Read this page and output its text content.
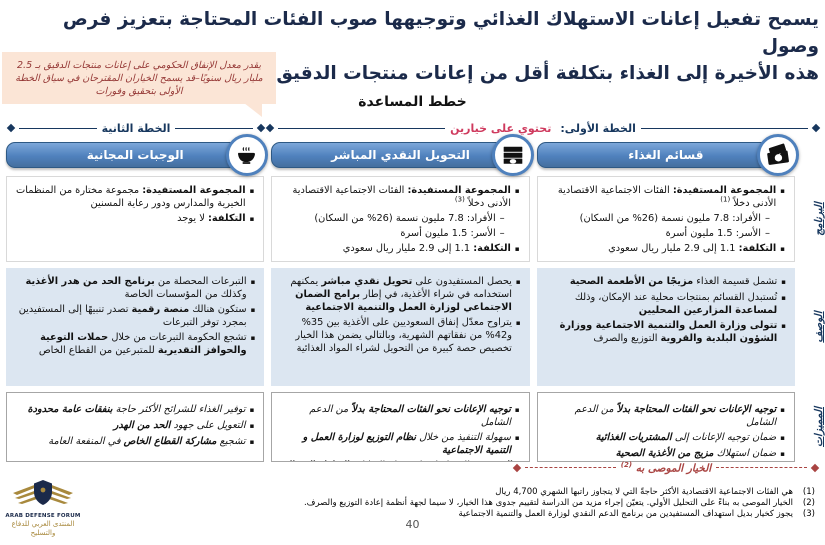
يسمح تفعيل إعانات الاستهلاك الغذائي وتوجيهها صوب الفئات المحتاجة بتعزيز فرص وصول
هذه الأخيرة إلى الغذاء بتكلفة أقل من إعانات منتجات الدقيق
يقدر معدل الإنفاق الحكومي على إعانات منتجات الدقيق بـ 2.5 مليار ريال سنويًا–قد يسمح الخياران المقترحان في سياق الخطة الأولى بتحقيق وفورات
خطط المساعدة
الخطة الأولى:
تحتوي على خيارين
الخطة الثانية
قسائم الغذاء
▪
المجموعة المستفيدة: الفئات الاجتماعية الاقتصادية الأدنى دخلاً $^{(1)}$
–
الأفراد: 7.8 مليون نسمة (26% من السكان)
–
الأسر: 1.5 مليون أسرة
▪
التكلفة: 1.1 إلى 2.9 مليار ريال سعودي
▪
تشمل قسيمة الغذاء مزيجًا من الأطعمة الصحية
▪
تُستبدل القسائم بمنتجات محلية عند الإمكان، وذلك لمساعدة المزارعين المحليين
▪
تتولى وزارة العمل والتنمية الاجتماعية ووزارة الشؤون البلدية والقروية التوزيع والصرف
▪
توجيه الإعانات نحو الفئات المحتاجة بدلاً من الدعم الشامل
▪
ضمان توجيه الإعانات إلى المشتريات الغذائية
▪
ضمان استهلاك مزيج من الأغذية الصحية
التحويل النقدي المباشر
▪
المجموعة المستفيدة: الفئات الاجتماعية الاقتصادية الأدنى دخلاً $^{(3)}$
–
الأفراد: 7.8 مليون نسمة (26% من السكان)
–
الأسر: 1.5 مليون أسرة
▪
التكلفة: 1.1 إلى 2.9 مليار ريال سعودي
▪
يحصل المستفيدون على تحويل نقدي مباشر يمكنهم استخدامه في شراء الأغذية، في إطار برامج الضمان الاجتماعي لوزارة العمل والتنمية الاجتماعية
▪
يتراوح معدّل إنفاق السعوديين على الأغذية بين 35% و42% من نفقاتهم الشهرية، وبالتالي يضمن هذا الخيار تخصيص حصة كبيرة من التحويل لشراء المواد الغذائية
▪
توجيه الإعانات نحو الفئات المحتاجة بدلاً من الدعم الشامل
▪
سهولة التنفيذ من خلال نظام التوزيع لوزارة العمل و التنمية الاجتماعية
الوجبات المجانية
▪
المجموعة المستفيدة: مجموعة مختارة من المنظمات الخيرية والمدارس ودور رعاية المسنين
▪
التكلفة: لا يوجد
▪
التبرعات المحصلة من برنامج الحد من هدر الأغذية وكذلك من المؤسسات الخاصة
▪
ستكون هنالك منصة رقمية تصدر تنبيهًا إلى المستفيدين بمجرد توفر التبرعات
▪
تشجع الحكومة التبرعات من خلال حملات التوعية والحوافز التقديرية للمتبرعين من القطاع الخاص
▪
توفير الغذاء للشرائح الأكثر حاجة بنفقات عامة محدودة
▪
التعويل على جهود الحد من الهدر
▪
تشجيع مشاركة القطاع الخاص في المنفعة العامة
الخيار الموصى به $^{(2)}$
البرنامج
الوصف
المميزات
(1)
هي الفئات الاجتماعية الاقتصادية الأكثر حاجةً التي لا يتجاوز راتبها الشهري 4,700 ريال
(2)
الخيار الموصى به بناءً على التحليل الأولي. يتعيّن إجراء مزيد من الدراسة لتقييم جدوى هذا الخيار، لا سيما لجهة أنظمة إعادة التوزيع والصرف.
(3)
يجوز كخيار بديل استهداف المستفيدين من برنامج الدعم النقدي لوزارة العمل والتنمية الاجتماعية
40
ARAB DEFENSE FORUM
المنتدى العربي للدفاع والتسليح
